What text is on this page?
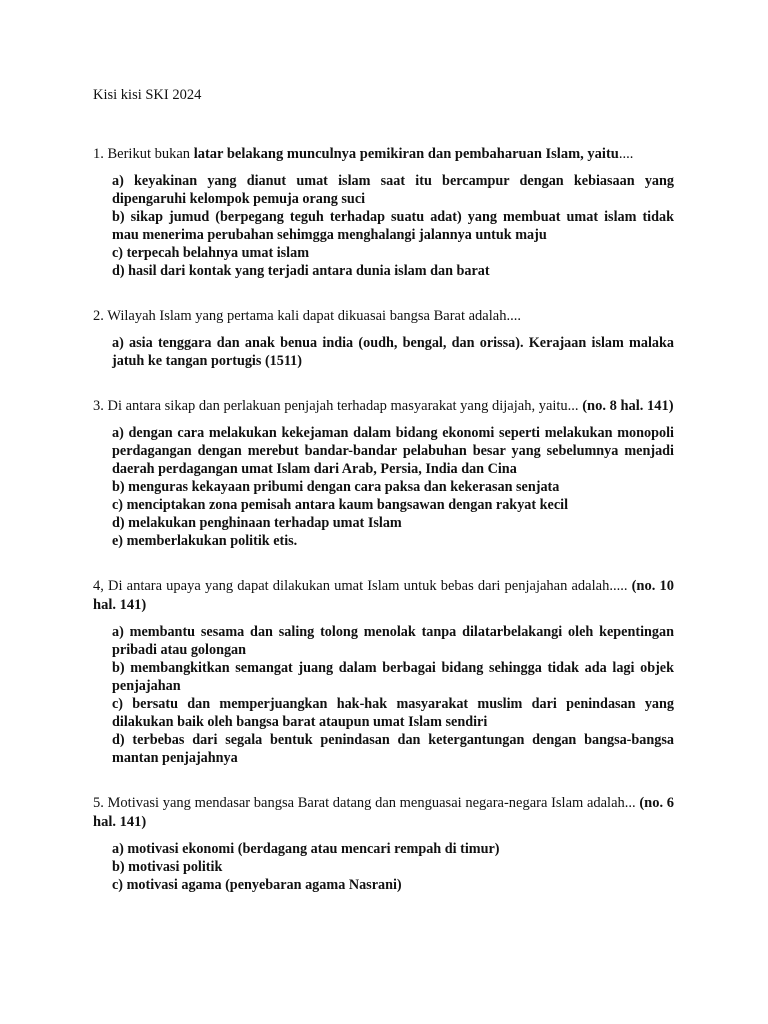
Kisi kisi SKI 2024

1. Berikut bukan latar belakang munculnya pemikiran dan pembaharuan Islam, yaitu....

a) keyakinan yang dianut umat islam saat itu bercampur dengan kebiasaan yang dipengaruhi kelompok pemuja orang suci
b) sikap jumud (berpegang teguh terhadap suatu adat) yang membuat umat islam tidak mau menerima perubahan sehimgga menghalangi jalannya untuk maju
c) terpecah belahnya umat islam
d) hasil dari kontak yang terjadi antara dunia islam dan barat

2. Wilayah Islam yang pertama kali dapat dikuasai bangsa Barat adalah....

a) asia tenggara dan anak benua india (oudh, bengal, dan orissa). Kerajaan islam malaka jatuh ke tangan portugis (1511)

3. Di antara sikap dan perlakuan penjajah terhadap masyarakat yang dijajah, yaitu... (no. 8 hal. 141)

a) dengan cara melakukan kekejaman dalam bidang ekonomi seperti melakukan monopoli perdagangan dengan merebut bandar-bandar pelabuhan besar yang sebelumnya menjadi daerah perdagangan umat Islam dari Arab, Persia, India dan Cina
b) menguras kekayaan pribumi dengan cara paksa dan kekerasan senjata
c) menciptakan zona pemisah antara kaum bangsawan dengan rakyat kecil
d) melakukan penghinaan terhadap umat Islam
e) memberlakukan politik etis.

4, Di antara upaya yang dapat dilakukan umat Islam untuk bebas dari penjajahan adalah..... (no. 10 hal. 141)

a) membantu sesama dan saling tolong menolak tanpa dilatarbelakangi oleh kepentingan pribadi atau golongan
b) membangkitkan semangat juang dalam berbagai bidang sehingga tidak ada lagi objek penjajahan
c) bersatu dan memperjuangkan hak-hak masyarakat muslim dari penindasan yang dilakukan baik oleh bangsa barat ataupun umat Islam sendiri
d) terbebas dari segala bentuk penindasan dan ketergantungan dengan bangsa-bangsa mantan penjajahnya

5. Motivasi yang mendasar bangsa Barat datang dan menguasai negara-negara Islam adalah... (no. 6 hal. 141)

a) motivasi ekonomi (berdagang atau mencari rempah di timur)
b) motivasi politik
c) motivasi agama (penyebaran agama Nasrani)
